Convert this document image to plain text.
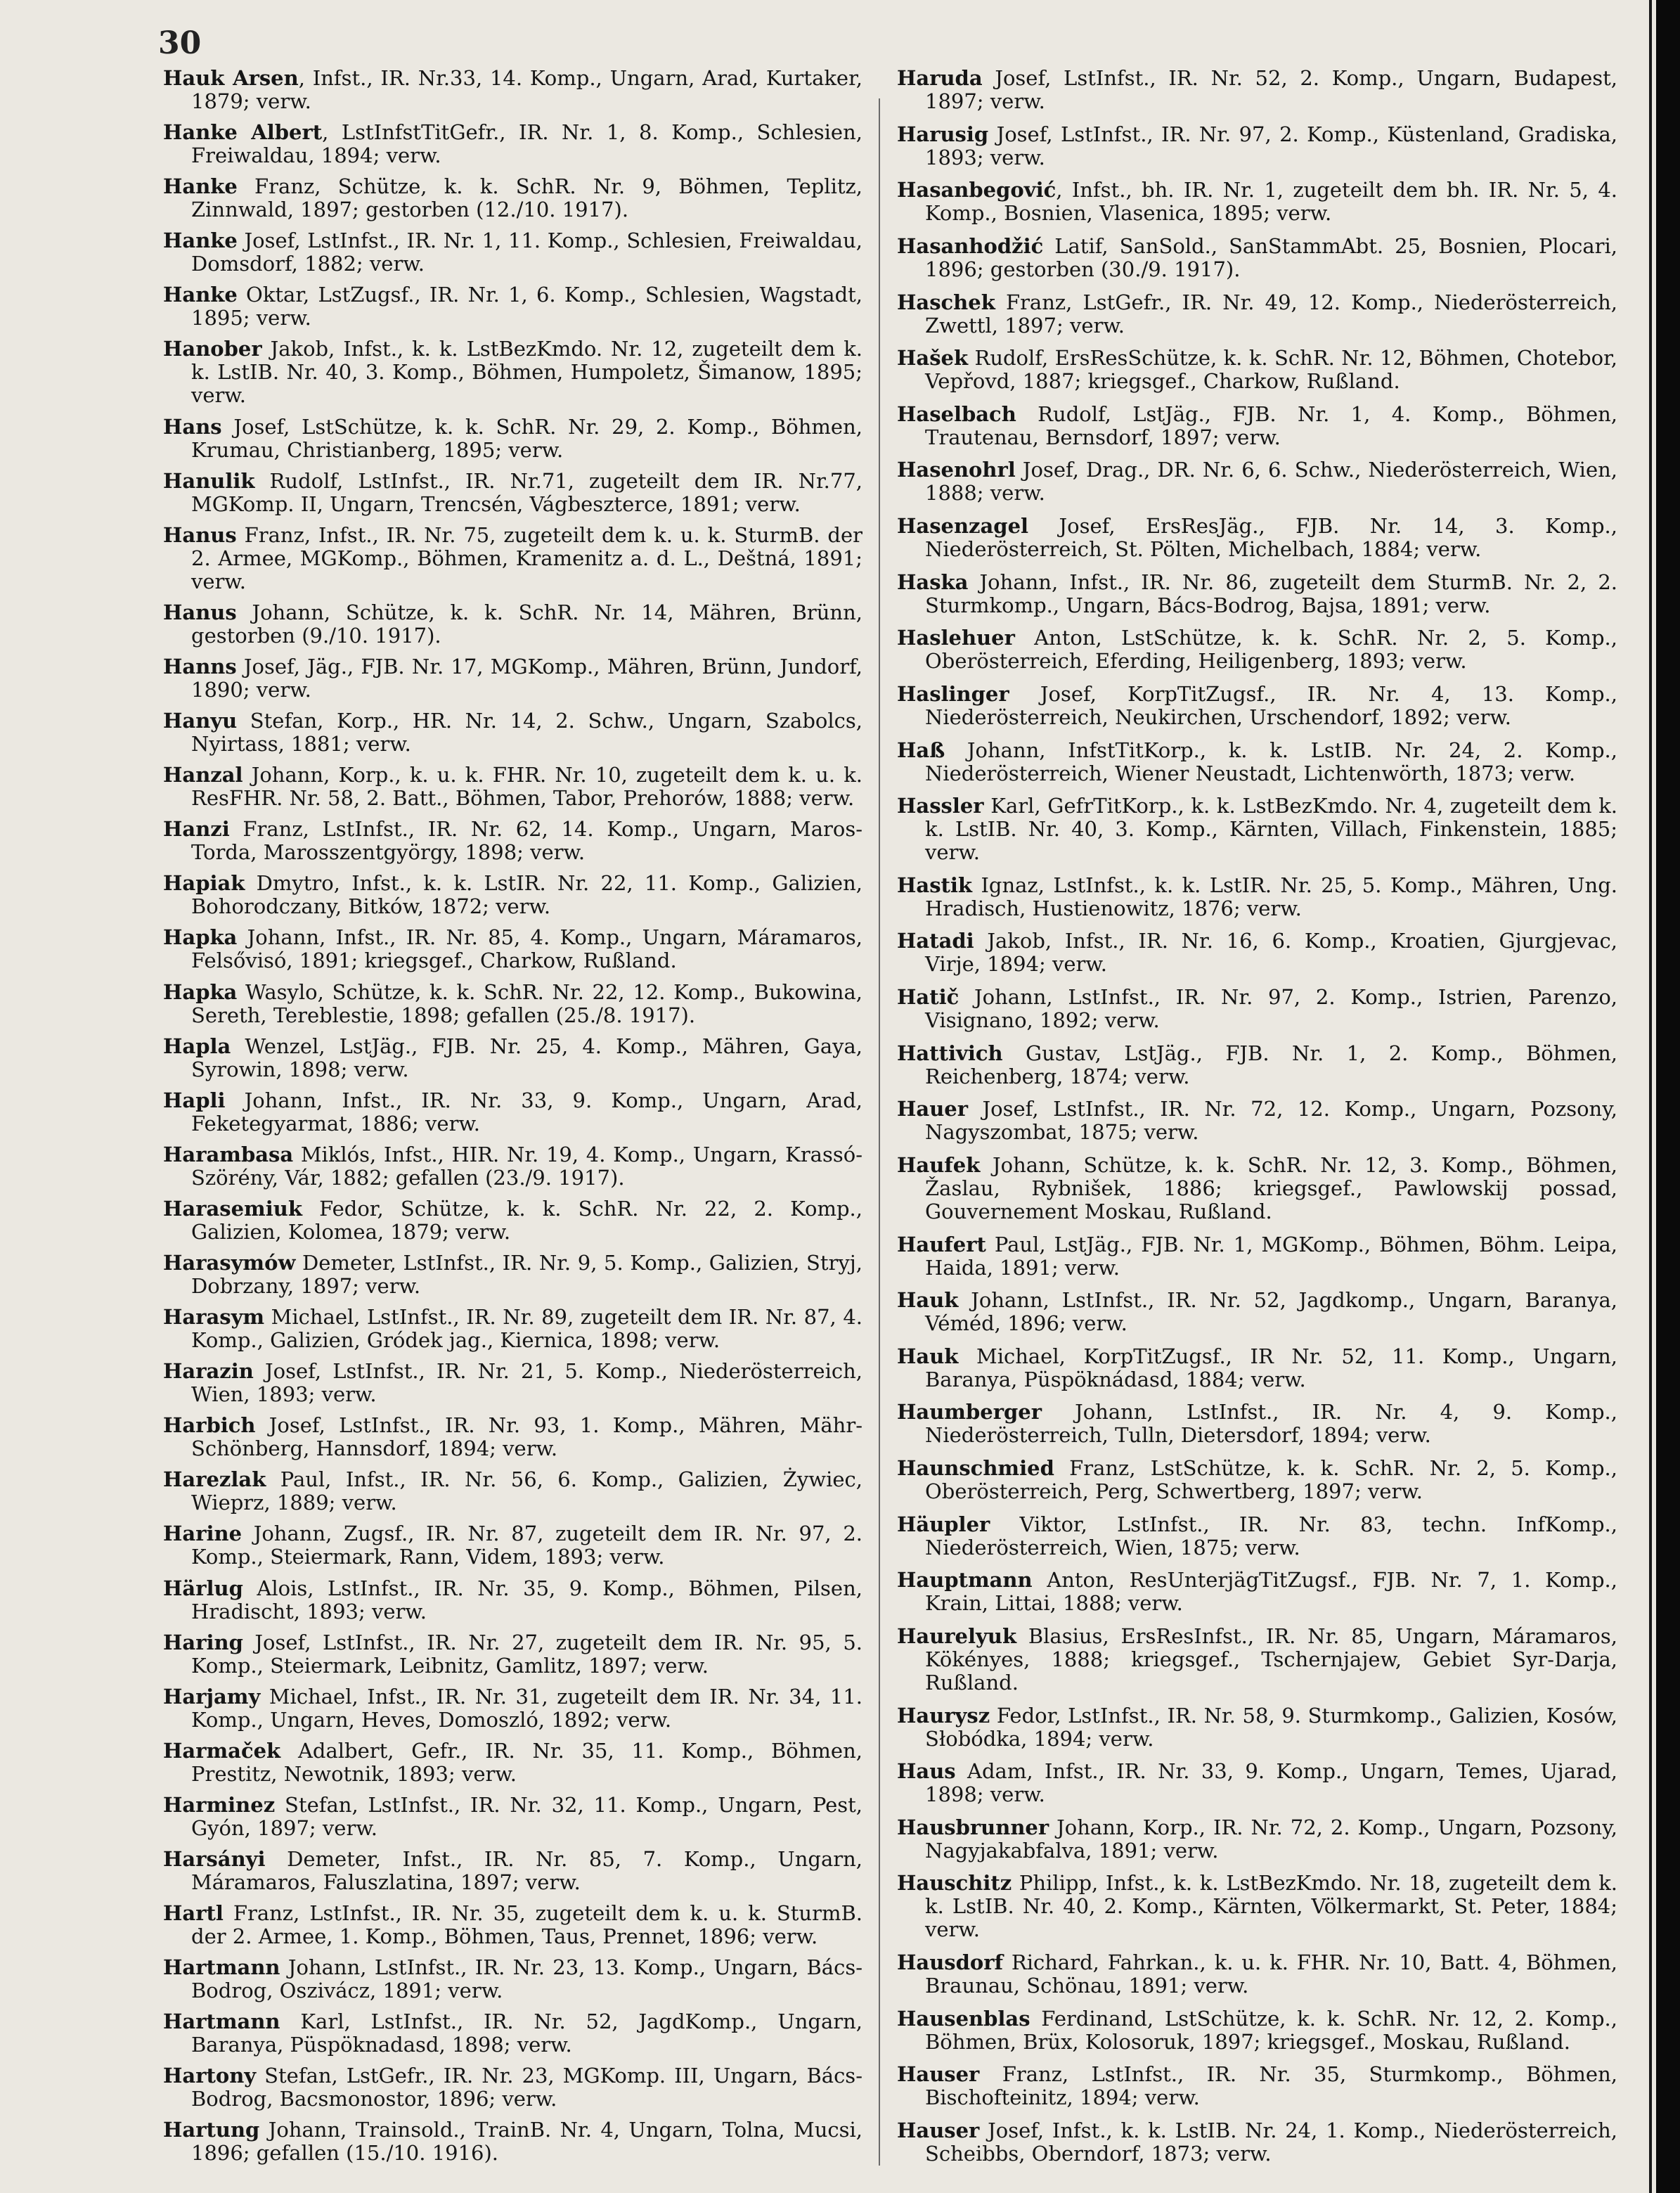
30
Hauk Arsen, Infst., IR. Nr.33, 14. Komp., Ungarn, Arad, Kurtaker, 1879; verw.
Hanke Albert, LstInfstTitGefr., IR. Nr. 1, 8. Komp., Schlesien, Freiwaldau, 1894; verw.
Hanke Franz, Schütze, k. k. SchR. Nr. 9, Böhmen, Teplitz, Zinnwald, 1897; gestorben (12./10. 1917).
Hanke Josef, LstInfst., IR. Nr. 1, 11. Komp., Schlesien, Freiwaldau, Domsdorf, 1882; verw.
Hanke Oktar, LstZugsf., IR. Nr. 1, 6. Komp., Schlesien, Wagstadt, 1895; verw.
Hanober Jakob, Infst., k. k. LstBezKmdo. Nr. 12, zugeteilt dem k. k. LstIB. Nr. 40, 3. Komp., Böhmen, Humpoletz, Šimanow, 1895; verw.
Hans Josef, LstSchütze, k. k. SchR. Nr. 29, 2. Komp., Böhmen, Krumau, Christianberg, 1895; verw.
Hanulik Rudolf, LstInfst., IR. Nr.71, zugeteilt dem IR. Nr.77, MGKomp. II, Ungarn, Trencsén, Vágbeszterce, 1891; verw.
Hanus Franz, Infst., IR. Nr. 75, zugeteilt dem k. u. k. SturmB. der 2. Armee, MGKomp., Böhmen, Kramenitz a. d. L., Deštná, 1891; verw.
Hanus Johann, Schütze, k. k. SchR. Nr. 14, Mähren, Brünn, gestorben (9./10. 1917).
Hanns Josef, Jäg., FJB. Nr. 17, MGKomp., Mähren, Brünn, Jundorf, 1890; verw.
Hanyu Stefan, Korp., HR. Nr. 14, 2. Schw., Ungarn, Szabolcs, Nyirtass, 1881; verw.
Hanzal Johann, Korp., k. u. k. FHR. Nr. 10, zugeteilt dem k. u. k. ResFHR. Nr. 58, 2. Batt., Böhmen, Tabor, Prehorów, 1888; verw.
Hanzi Franz, LstInfst., IR. Nr. 62, 14. Komp., Ungarn, Maros-Torda, Marosszentgyörgy, 1898; verw.
Hapiak Dmytro, Infst., k. k. LstIR. Nr. 22, 11. Komp., Galizien, Bohorodczany, Bitków, 1872; verw.
Hapka Johann, Infst., IR. Nr. 85, 4. Komp., Ungarn, Máramaros, Felsővisó, 1891; kriegsgef., Charkow, Rußland.
Hapka Wasylo, Schütze, k. k. SchR. Nr. 22, 12. Komp., Bukowina, Sereth, Tereblestie, 1898; gefallen (25./8. 1917).
Hapla Wenzel, LstJäg., FJB. Nr. 25, 4. Komp., Mähren, Gaya, Syrowin, 1898; verw.
Hapli Johann, Infst., IR. Nr. 33, 9. Komp., Ungarn, Arad, Feketegyarmat, 1886; verw.
Harambasa Miklós, Infst., HIR. Nr. 19, 4. Komp., Ungarn, Krassó-Szörény, Vár, 1882; gefallen (23./9. 1917).
Harasemiuk Fedor, Schütze, k. k. SchR. Nr. 22, 2. Komp., Galizien, Kolomea, 1879; verw.
Harasymów Demeter, LstInfst., IR. Nr. 9, 5. Komp., Galizien, Stryj, Dobrzany, 1897; verw.
Harasym Michael, LstInfst., IR. Nr. 89, zugeteilt dem IR. Nr. 87, 4. Komp., Galizien, Gródek jag., Kiernica, 1898; verw.
Harazin Josef, LstInfst., IR. Nr. 21, 5. Komp., Niederösterreich, Wien, 1893; verw.
Harbich Josef, LstInfst., IR. Nr. 93, 1. Komp., Mähren, Mähr-Schönberg, Hannsdorf, 1894; verw.
Harezlak Paul, Infst., IR. Nr. 56, 6. Komp., Galizien, Żywiec, Wieprz, 1889; verw.
Harine Johann, Zugsf., IR. Nr. 87, zugeteilt dem IR. Nr. 97, 2. Komp., Steiermark, Rann, Videm, 1893; verw.
Härlug Alois, LstInfst., IR. Nr. 35, 9. Komp., Böhmen, Pilsen, Hradischt, 1893; verw.
Haring Josef, LstInfst., IR. Nr. 27, zugeteilt dem IR. Nr. 95, 5. Komp., Steiermark, Leibnitz, Gamlitz, 1897; verw.
Harjamy Michael, Infst., IR. Nr. 31, zugeteilt dem IR. Nr. 34, 11. Komp., Ungarn, Heves, Domoszló, 1892; verw.
Harmaček Adalbert, Gefr., IR. Nr. 35, 11. Komp., Böhmen, Prestitz, Newotnik, 1893; verw.
Harminez Stefan, LstInfst., IR. Nr. 32, 11. Komp., Ungarn, Pest, Gyón, 1897; verw.
Harsányi Demeter, Infst., IR. Nr. 85, 7. Komp., Ungarn, Máramaros, Faluszlatina, 1897; verw.
Hartl Franz, LstInfst., IR. Nr. 35, zugeteilt dem k. u. k. SturmB. der 2. Armee, 1. Komp., Böhmen, Taus, Prennet, 1896; verw.
Hartmann Johann, LstInfst., IR. Nr. 23, 13. Komp., Ungarn, Bács-Bodrog, Oszivácz, 1891; verw.
Hartmann Karl, LstInfst., IR. Nr. 52, JagdKomp., Ungarn, Baranya, Püspöknadasd, 1898; verw.
Hartony Stefan, LstGefr., IR. Nr. 23, MGKomp. III, Ungarn, Bács-Bodrog, Bacsmonostor, 1896; verw.
Hartung Johann, Trainsold., TrainB. Nr. 4, Ungarn, Tolna, Mucsi, 1896; gefallen (15./10. 1916).
Haruda Josef, LstInfst., IR. Nr. 52, 2. Komp., Ungarn, Budapest, 1897; verw.
Harusig Josef, LstInfst., IR. Nr. 97, 2. Komp., Küstenland, Gradiska, 1893; verw.
Hasanbegović, Infst., bh. IR. Nr. 1, zugeteilt dem bh. IR. Nr. 5, 4. Komp., Bosnien, Vlasenica, 1895; verw.
Hasanhodžić Latif, SanSold., SanStammAbt. 25, Bosnien, Plocari, 1896; gestorben (30./9. 1917).
Haschek Franz, LstGefr., IR. Nr. 49, 12. Komp., Niederösterreich, Zwettl, 1897; verw.
Hašek Rudolf, ErsResSchütze, k. k. SchR. Nr. 12, Böhmen, Chotebor, Vepřovd, 1887; kriegsgef., Charkow, Rußland.
Haselbach Rudolf, LstJäg., FJB. Nr. 1, 4. Komp., Böhmen, Trautenau, Bernsdorf, 1897; verw.
Hasenohrl Josef, Drag., DR. Nr. 6, 6. Schw., Niederösterreich, Wien, 1888; verw.
Hasenzagel Josef, ErsResJäg., FJB. Nr. 14, 3. Komp., Niederösterreich, St. Pölten, Michelbach, 1884; verw.
Haska Johann, Infst., IR. Nr. 86, zugeteilt dem SturmB. Nr. 2, 2. Sturmkomp., Ungarn, Bács-Bodrog, Bajsa, 1891; verw.
Haslehuer Anton, LstSchütze, k. k. SchR. Nr. 2, 5. Komp., Oberösterreich, Eferding, Heiligenberg, 1893; verw.
Haslinger Josef, KorpTitZugsf., IR. Nr. 4, 13. Komp., Niederösterreich, Neukirchen, Urschendorf, 1892; verw.
Haß Johann, InfstTitKorp., k. k. LstIB. Nr. 24, 2. Komp., Niederösterreich, Wiener Neustadt, Lichtenwörth, 1873; verw.
Hassler Karl, GefrTitKorp., k. k. LstBezKmdo. Nr. 4, zugeteilt dem k. k. LstIB. Nr. 40, 3. Komp., Kärnten, Villach, Finkenstein, 1885; verw.
Hastik Ignaz, LstInfst., k. k. LstIR. Nr. 25, 5. Komp., Mähren, Ung. Hradisch, Hustienowitz, 1876; verw.
Hatadi Jakob, Infst., IR. Nr. 16, 6. Komp., Kroatien, Gjurgjevac, Virje, 1894; verw.
Hatič Johann, LstInfst., IR. Nr. 97, 2. Komp., Istrien, Parenzo, Visignano, 1892; verw.
Hattivich Gustav, LstJäg., FJB. Nr. 1, 2. Komp., Böhmen, Reichenberg, 1874; verw.
Hauer Josef, LstInfst., IR. Nr. 72, 12. Komp., Ungarn, Pozsony, Nagyszombat, 1875; verw.
Haufek Johann, Schütze, k. k. SchR. Nr. 12, 3. Komp., Böhmen, Žaslau, Rybnišek, 1886; kriegsgef., Pawlowskij possad, Gouvernement Moskau, Rußland.
Haufert Paul, LstJäg., FJB. Nr. 1, MGKomp., Böhmen, Böhm. Leipa, Haida, 1891; verw.
Hauk Johann, LstInfst., IR. Nr. 52, Jagdkomp., Ungarn, Baranya, Véméd, 1896; verw.
Hauk Michael, KorpTitZugsf., IR Nr. 52, 11. Komp., Ungarn, Baranya, Püspöknádasd, 1884; verw.
Haumberger Johann, LstInfst., IR. Nr. 4, 9. Komp., Niederösterreich, Tulln, Dietersdorf, 1894; verw.
Haunschmied Franz, LstSchütze, k. k. SchR. Nr. 2, 5. Komp., Oberösterreich, Perg, Schwertberg, 1897; verw.
Häupler Viktor, LstInfst., IR. Nr. 83, techn. InfKomp., Niederösterreich, Wien, 1875; verw.
Hauptmann Anton, ResUnterjägTitZugsf., FJB. Nr. 7, 1. Komp., Krain, Littai, 1888; verw.
Haurelyuk Blasius, ErsResInfst., IR. Nr. 85, Ungarn, Máramaros, Kökényes, 1888; kriegsgef., Tschernjajew, Gebiet Syr-Darja, Rußland.
Haurysz Fedor, LstInfst., IR. Nr. 58, 9. Sturmkomp., Galizien, Kosów, Słobódka, 1894; verw.
Haus Adam, Infst., IR. Nr. 33, 9. Komp., Ungarn, Temes, Ujarad, 1898; verw.
Hausbrunner Johann, Korp., IR. Nr. 72, 2. Komp., Ungarn, Pozsony, Nagyjakabfalva, 1891; verw.
Hauschitz Philipp, Infst., k. k. LstBezKmdo. Nr. 18, zugeteilt dem k. k. LstIB. Nr. 40, 2. Komp., Kärnten, Völkermarkt, St. Peter, 1884; verw.
Hausdorf Richard, Fahrkan., k. u. k. FHR. Nr. 10, Batt. 4, Böhmen, Braunau, Schönau, 1891; verw.
Hausenblas Ferdinand, LstSchütze, k. k. SchR. Nr. 12, 2. Komp., Böhmen, Brüx, Kolosoruk, 1897; kriegsgef., Moskau, Rußland.
Hauser Franz, LstInfst., IR. Nr. 35, Sturmkomp., Böhmen, Bischofteinitz, 1894; verw.
Hauser Josef, Infst., k. k. LstIB. Nr. 24, 1. Komp., Niederösterreich, Scheibbs, Oberndorf, 1873; verw.
